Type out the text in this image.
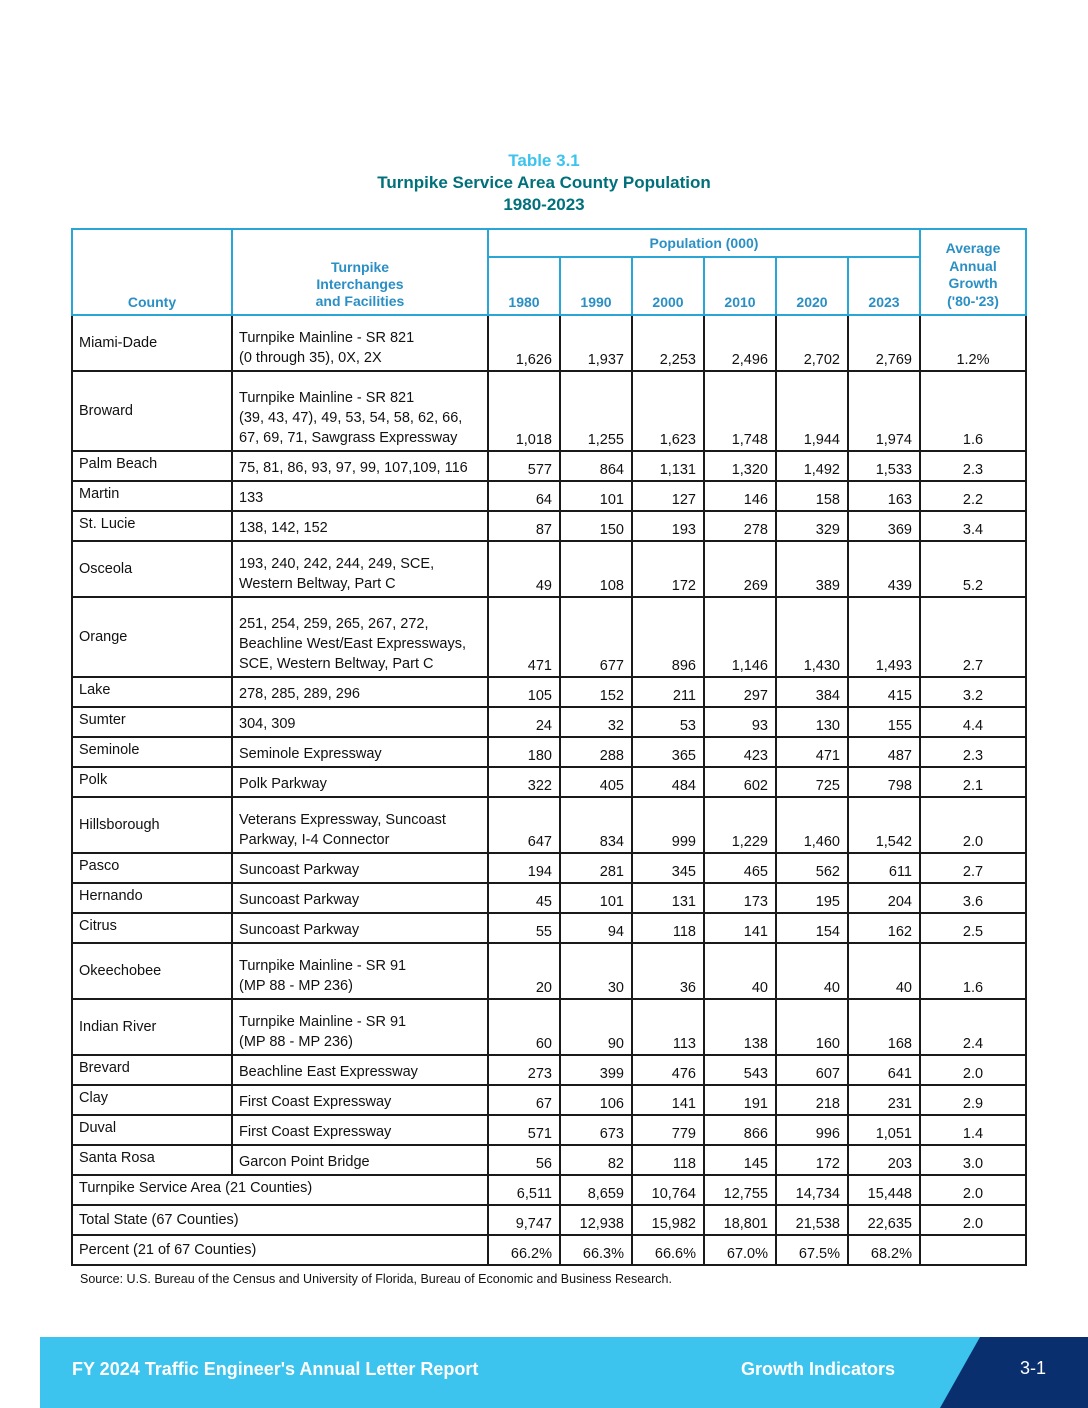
Table 3.1
Turnpike Service Area County Population
1980-2023
County	Turnpike
Interchanges
and Facilities	Population (000)						Average
Annual
Growth
('80-'23)
		1980	1990	2000	2010	2020	2023	
Miami-Dade	Turnpike Mainline - SR 821
(0 through 35), 0X, 2X	1,626	1,937	2,253	2,496	2,702	2,769	1.2%
Broward	Turnpike Mainline - SR 821
(39, 43, 47), 49, 53, 54, 58, 62, 66,
67, 69, 71, Sawgrass Expressway	1,018	1,255	1,623	1,748	1,944	1,974	1.6
Palm Beach	75, 81, 86, 93, 97, 99, 107,109, 116	577	864	1,131	1,320	1,492	1,533	2.3
Martin	133	64	101	127	146	158	163	2.2
St. Lucie	138, 142, 152	87	150	193	278	329	369	3.4
Osceola	193, 240, 242, 244, 249, SCE,
Western Beltway, Part C	49	108	172	269	389	439	5.2
Orange	251, 254, 259, 265, 267, 272,
Beachline West/East Expressways,
SCE, Western Beltway, Part C	471	677	896	1,146	1,430	1,493	2.7
Lake	278, 285, 289, 296	105	152	211	297	384	415	3.2
Sumter	304, 309	24	32	53	93	130	155	4.4
Seminole	Seminole Expressway	180	288	365	423	471	487	2.3
Polk	Polk Parkway	322	405	484	602	725	798	2.1
Hillsborough	Veterans Expressway, Suncoast
Parkway, I-4 Connector	647	834	999	1,229	1,460	1,542	2.0
Pasco	Suncoast Parkway	194	281	345	465	562	611	2.7
Hernando	Suncoast Parkway	45	101	131	173	195	204	3.6
Citrus	Suncoast Parkway	55	94	118	141	154	162	2.5
Okeechobee	Turnpike Mainline - SR 91
(MP 88 - MP 236)	20	30	36	40	40	40	1.6
Indian River	Turnpike Mainline - SR 91
(MP 88 - MP 236)	60	90	113	138	160	168	2.4
Brevard	Beachline East Expressway	273	399	476	543	607	641	2.0
Clay	First Coast Expressway	67	106	141	191	218	231	2.9
Duval	First Coast Expressway	571	673	779	866	996	1,051	1.4
Santa Rosa	Garcon Point Bridge	56	82	118	145	172	203	3.0
Turnpike Service Area (21 Counties)		6,511	8,659	10,764	12,755	14,734	15,448	2.0
Total State (67 Counties)		9,747	12,938	15,982	18,801	21,538	22,635	2.0
Percent (21 of 67 Counties)		66.2%	66.3%	66.6%	67.0%	67.5%	68.2%	
Source: U.S. Bureau of the Census and University of Florida, Bureau of Economic and Business Research.
FY 2024 Traffic Engineer's Annual Letter Report	Growth Indicators	3-1
